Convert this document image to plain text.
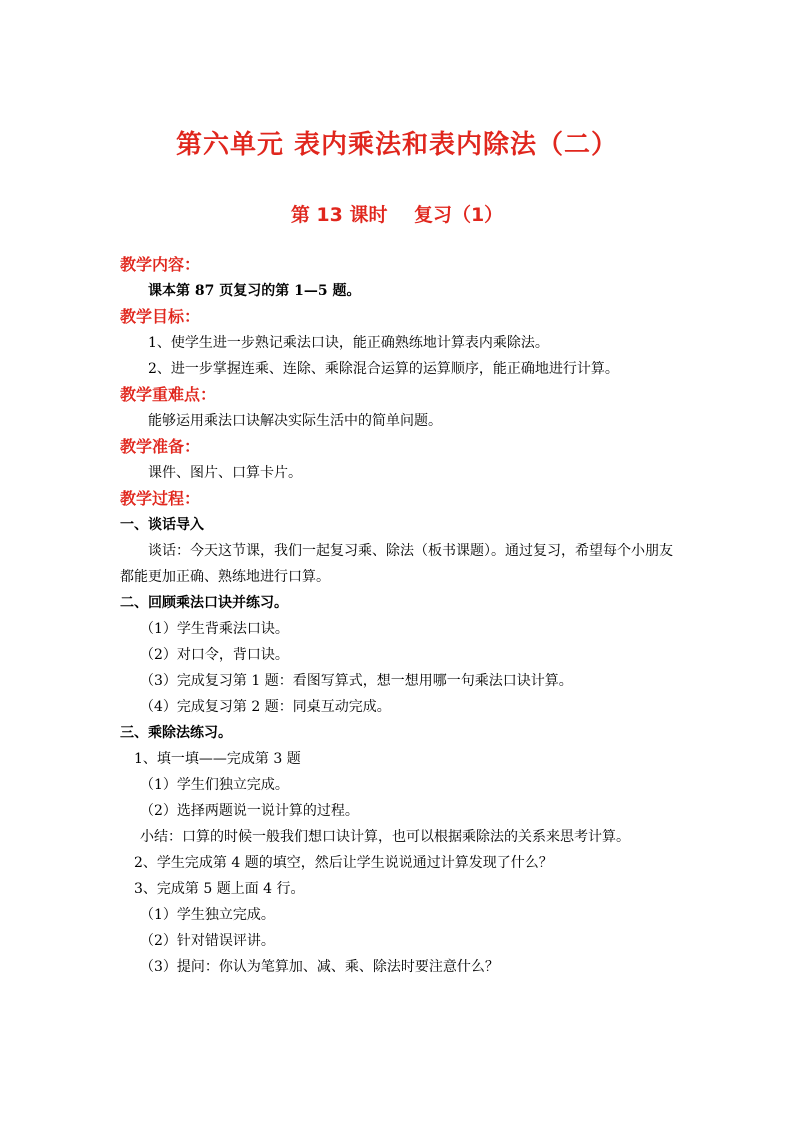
第六单元 表内乘法和表内除法（二）
第 13 课时    复习（1）
教学内容：
课本第 87 页复习的第 1—5 题。
教学目标：
1、使学生进一步熟记乘法口诀，能正确熟练地计算表内乘除法。
2、进一步掌握连乘、连除、乘除混合运算的运算顺序，能正确地进行计算。
教学重难点：
能够运用乘法口诀解决实际生活中的简单问题。
教学准备：
课件、图片、口算卡片。
教学过程：
一、谈话导入
谈话：今天这节课，我们一起复习乘、除法（板书课题）。通过复习，希望每个小朋友都能更加正确、熟练地进行口算。
二、回顾乘法口诀并练习。
（1）学生背乘法口诀。
（2）对口令，背口诀。
（3）完成复习第 1 题：看图写算式，想一想用哪一句乘法口诀计算。
（4）完成复习第 2 题：同桌互动完成。
三、乘除法练习。
1、填一填——完成第 3 题
（1）学生们独立完成。
（2）选择两题说一说计算的过程。
小结：口算的时候一般我们想口诀计算，也可以根据乘除法的关系来思考计算。
2、学生完成第 4 题的填空，然后让学生说说通过计算发现了什么？
3、完成第 5 题上面 4 行。
（1）学生独立完成。
（2）针对错误评讲。
（3）提问：你认为笔算加、减、乘、除法时要注意什么？
